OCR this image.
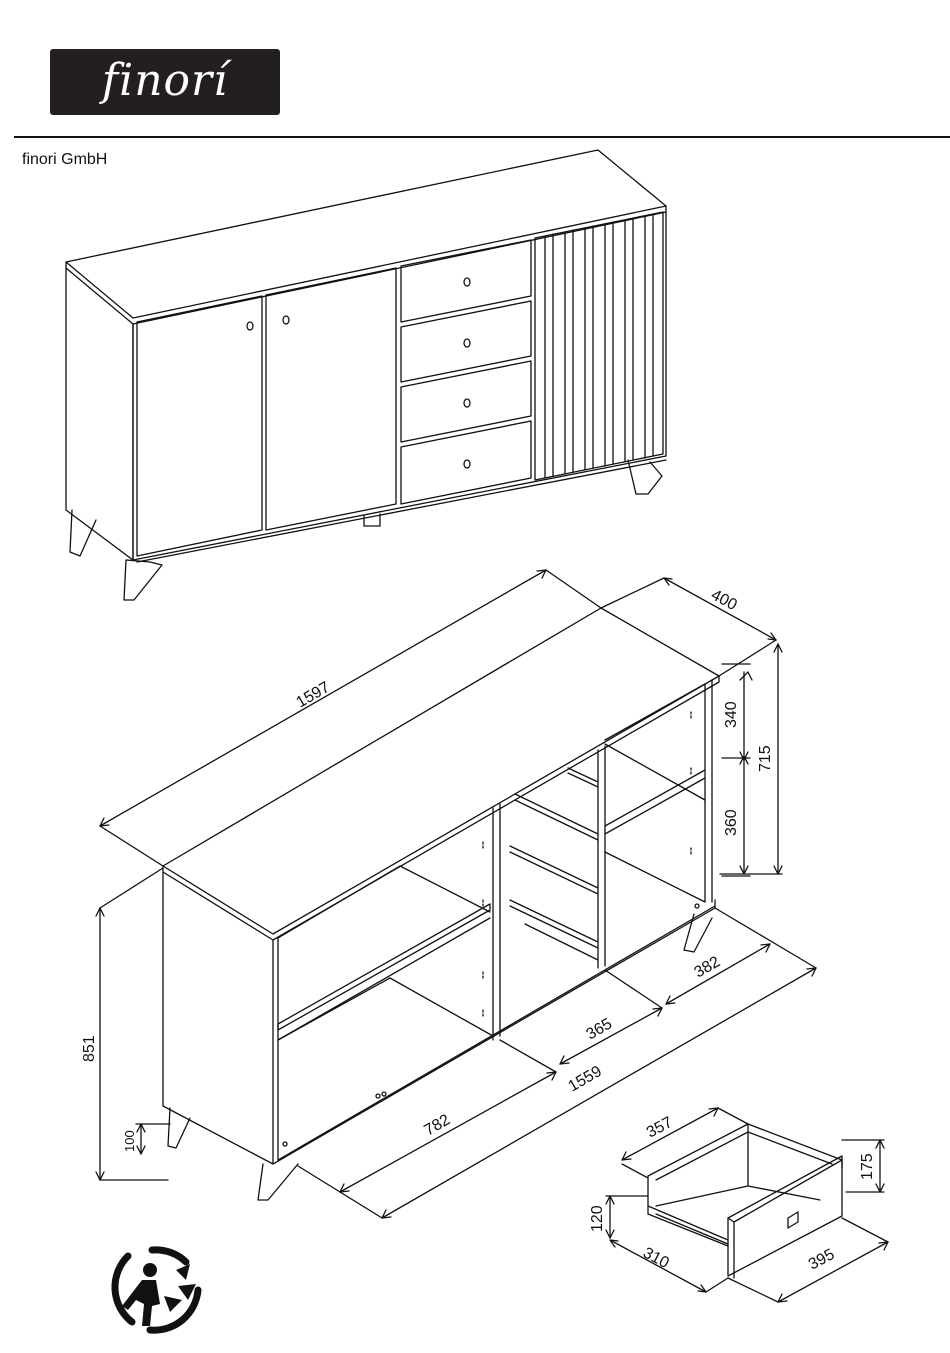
finorí
finori GmbH
1597
400
340
360
715
851
100
1559
782
365
382
357
175
120
310	395
